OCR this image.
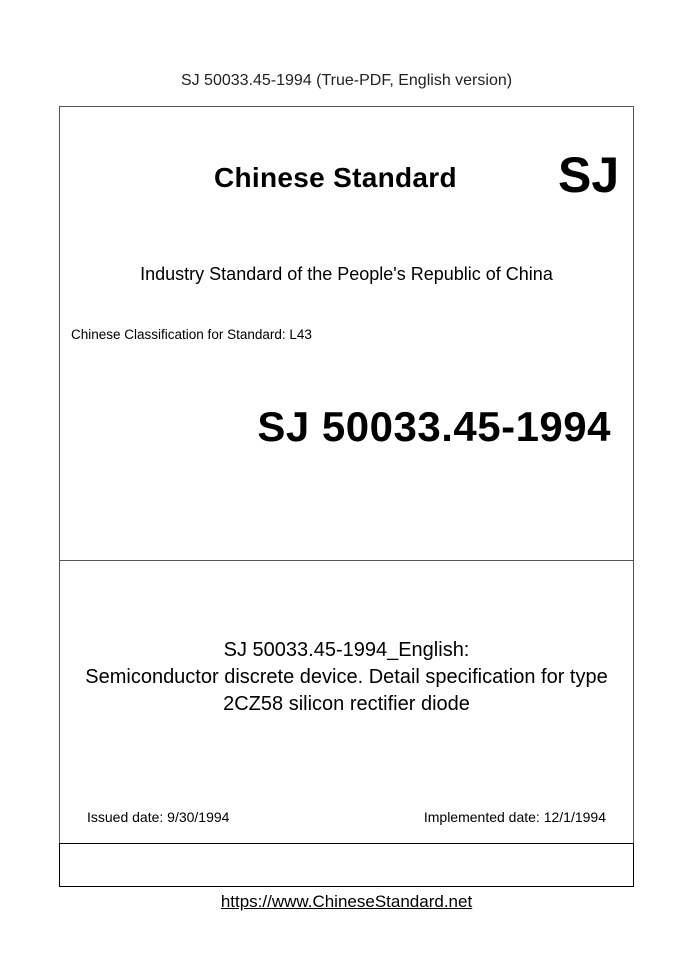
SJ 50033.45-1994 (True-PDF, English version)
Chinese Standard SJ
Industry Standard of the People's Republic of China
Chinese Classification for Standard: L43
SJ 50033.45-1994
SJ 50033.45-1994_English:
Semiconductor discrete device. Detail specification for type
2CZ58 silicon rectifier diode
Issued date: 9/30/1994	Implemented date: 12/1/1994
https://www.ChineseStandard.net
